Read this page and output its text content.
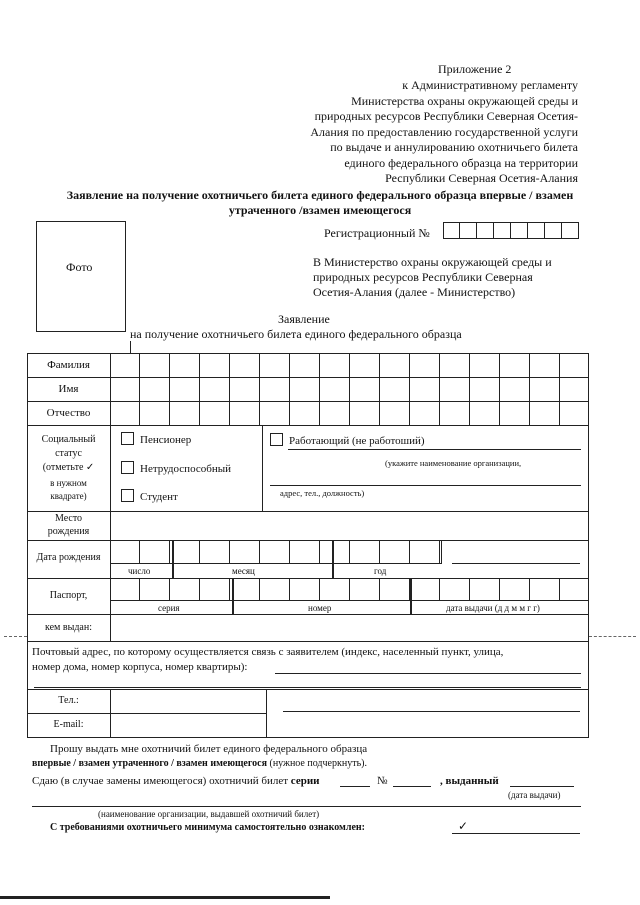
Приложение 2
к Административному регламенту
Министерства охраны окружающей среды и
природных ресурсов Республики Северная Осетия-
Алания по предоставлению государственной услуги
по выдаче и аннулированию охотничьего билета
единого федерального образца на территории
Республики Северная Осетия-Алания
Заявление на получение охотничьего билета единого федерального образца впервые / взамен
утраченного /взамен имеющегося
Фото
Регистрационный №
В Министерство охраны окружающей среды и
природных ресурсов Республики Северная
Осетия-Алания (далее - Министерство)
Заявление
на получение охотничьего билета единого федерального образца
Фамилия
Имя
Отчество
Социальный
статус
(отметьте ✓
в нужном
квадрате)
Пенсионер
Нетрудоспособный
Студент
Работающий (не работоший)
(укажите наименование организации,
адрес, тел., должность)
Место
рождения
Дата рождения
число	месяц	год
Паспорт,
серия	номер	дата выдачи (д д м м г г)
кем выдан:
Почтовый адрес, по которому осуществляется связь с заявителем (индекс, населенный пункт, улица,
номер дома, номер корпуса, номер квартиры):
Тел.:
E-mail:
Прошу выдать мне охотничий билет единого федерального образца
впервые / взамен утраченного / взамен имеющегося (нужное подчеркнуть).
Сдаю (в случае замены имеющегося) охотничий билет серии	№	, выданный
(дата выдачи)
(наименование организации, выдавшей охотничий билет)
С требованиями охотничьего минимума самостоятельно ознакомлен:	✓
